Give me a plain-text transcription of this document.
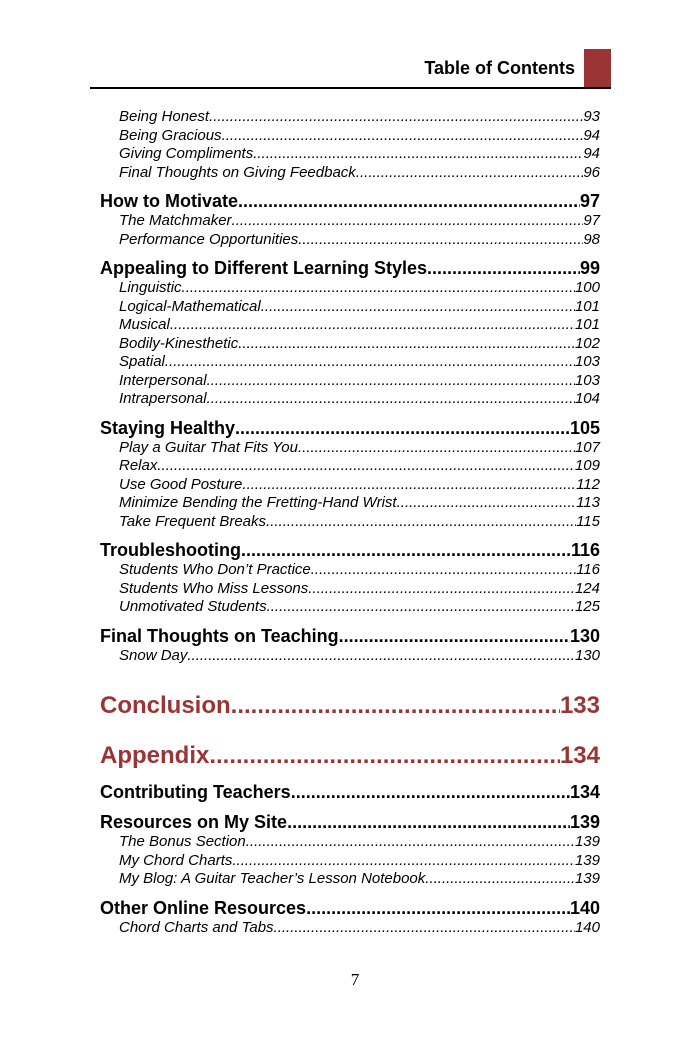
Table of Contents
Being Honest .....	93
Being Gracious .....	94
Giving Compliments .....	94
Final Thoughts on Giving Feedback .....	96
How to Motivate .....	97
The Matchmaker .....	97
Performance Opportunities .....	98
Appealing to Different Learning Styles .....	99
Linguistic .....	100
Logical-Mathematical .....	101
Musical .....	101
Bodily-Kinesthetic .....	102
Spatial .....	103
Interpersonal .....	103
Intrapersonal .....	104
Staying Healthy .....	105
Play a Guitar That Fits You .....	107
Relax .....	109
Use Good Posture .....	112
Minimize Bending the Fretting-Hand Wrist .....	113
Take Frequent Breaks .....	115
Troubleshooting .....	116
Students Who Don’t Practice .....	116
Students Who Miss Lessons .....	124
Unmotivated Students .....	125
Final Thoughts on Teaching .....	130
Snow Day .....	130
Conclusion .....	133
Appendix .....	134
Contributing Teachers .....	134
Resources on My Site .....	139
The Bonus Section .....	139
My Chord Charts .....	139
My Blog: A Guitar Teacher’s Lesson Notebook .....	139
Other Online Resources .....	140
Chord Charts and Tabs .....	140
7
